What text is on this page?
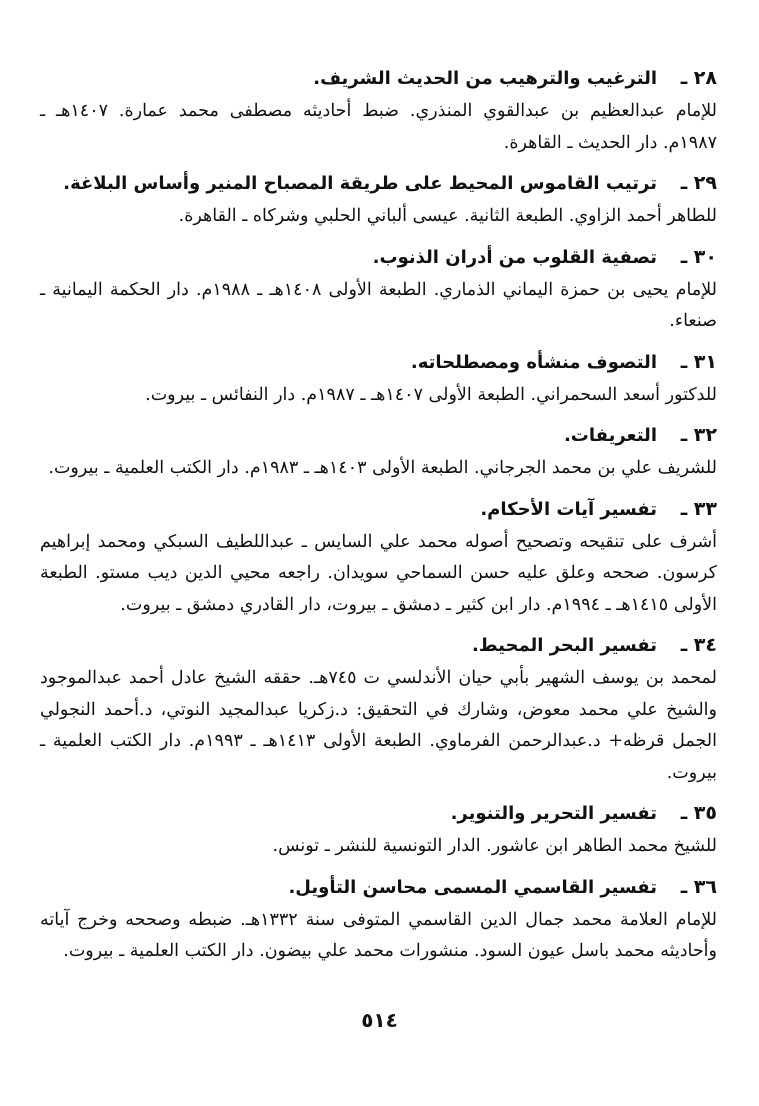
٢٨ ـ
الترغيب والترهيب من الحديث الشريف.
للإمام عبدالعظيم بن عبدالقوي المنذري. ضبط أحاديثه مصطفى محمد عمارة. ١٤٠٧هـ ـ ١٩٨٧م. دار الحديث ـ القاهرة.
٢٩ ـ
ترتيب القاموس المحيط على طريقة المصباح المنير وأساس البلاغة.
للطاهر أحمد الزاوي. الطبعة الثانية. عيسى ألباني الحلبي وشركاه ـ القاهرة.
٣٠ ـ
تصفية القلوب من أدران الذنوب.
للإمام يحيى بن حمزة اليماني الذماري. الطبعة الأولى ١٤٠٨هـ ـ ١٩٨٨م. دار الحكمة اليمانية ـ صنعاء.
٣١ ـ
التصوف منشأه ومصطلحاته.
للدكتور أسعد السحمراني. الطبعة الأولى ١٤٠٧هـ ـ ١٩٨٧م. دار النفائس ـ بيروت.
٣٢ ـ
التعريفات.
للشريف علي بن محمد الجرجاني. الطبعة الأولى ١٤٠٣هـ ـ ١٩٨٣م. دار الكتب العلمية ـ بيروت.
٣٣ ـ
تفسير آيات الأحكام.
أشرف على تنقيحه وتصحيح أصوله محمد علي السايس ـ عبداللطيف السبكي ومحمد إبراهيم كرسون. صححه وعلق عليه حسن السماحي سويدان. راجعه محيي الدين ديب مستو. الطبعة الأولى ١٤١٥هـ ـ ١٩٩٤م. دار ابن كثير ـ دمشق ـ بيروت، دار القادري دمشق ـ بيروت.
٣٤ ـ
تفسير البحر المحيط.
لمحمد بن يوسف الشهير بأبي حيان الأندلسي ت ٧٤٥هـ. حققه الشيخ عادل أحمد عبدالموجود والشيخ علي محمد معوض، وشارك في التحقيق: د.زكريا عبدالمجيد النوتي، د.أحمد النجولي الجمل قرظه+ د.عبدالرحمن الفرماوي. الطبعة الأولى ١٤١٣هـ ـ ١٩٩٣م. دار الكتب العلمية ـ بيروت.
٣٥ ـ
تفسير التحرير والتنوير.
للشيخ محمد الطاهر ابن عاشور. الدار التونسية للنشر ـ تونس.
٣٦ ـ
تفسير القاسمي المسمى محاسن التأويل.
للإمام العلامة محمد جمال الدين القاسمي المتوفى سنة ١٣٣٢هـ. ضبطه وصححه وخرج آياته وأحاديثه محمد باسل عيون السود. منشورات محمد علي بيضون. دار الكتب العلمية ـ بيروت.
٥١٤
